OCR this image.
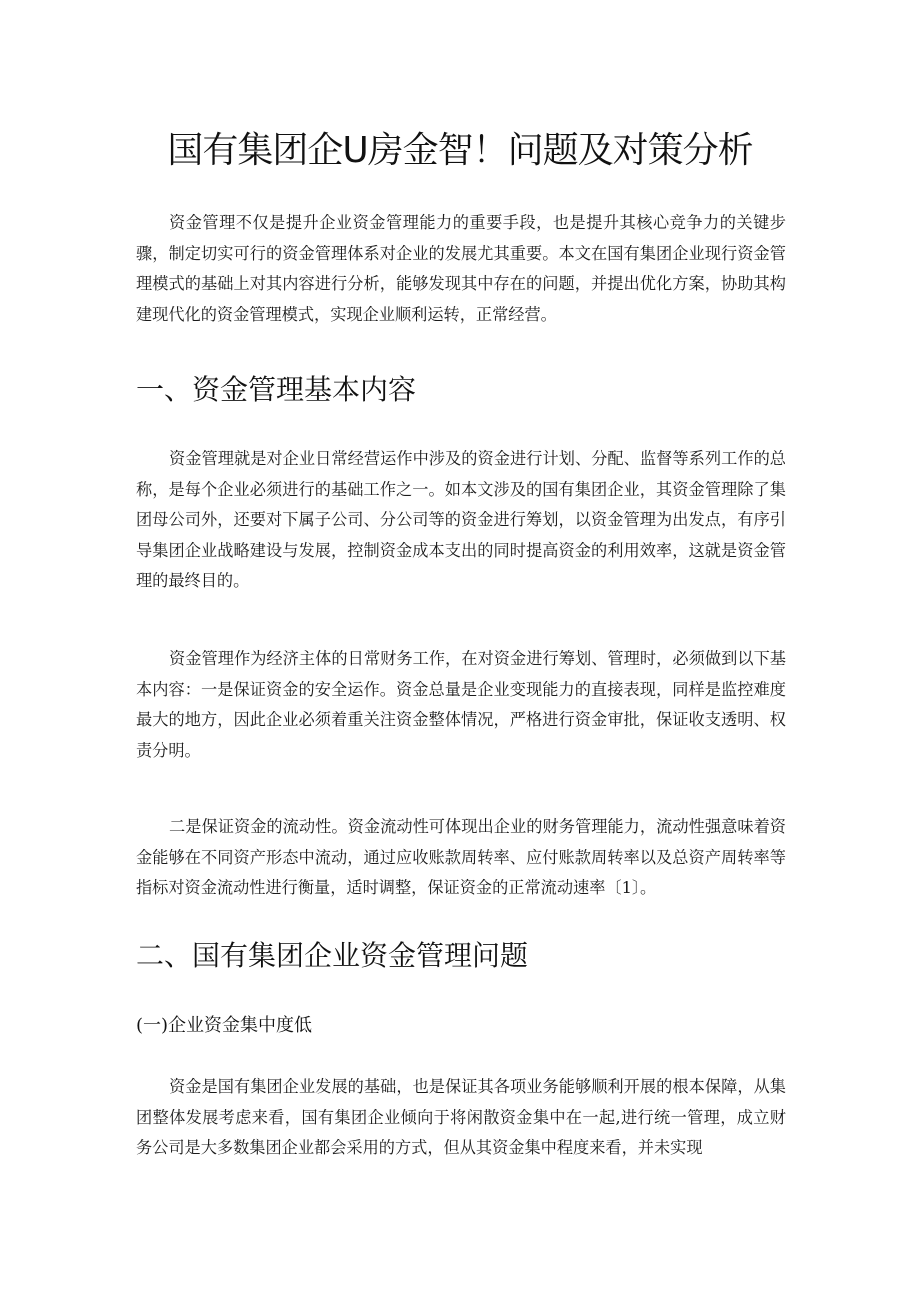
国有集团企U房金智！问题及对策分析

资金管理不仅是提升企业资金管理能力的重要手段，也是提升其核心竞争力的关键步骤，制定切实可行的资金管理体系对企业的发展尤其重要。本文在国有集团企业现行资金管理模式的基础上对其内容进行分析，能够发现其中存在的问题，并提出优化方案，协助其构建现代化的资金管理模式，实现企业顺利运转，正常经营。

一、资金管理基本内容

资金管理就是对企业日常经营运作中涉及的资金进行计划、分配、监督等系列工作的总称，是每个企业必须进行的基础工作之一。如本文涉及的国有集团企业，其资金管理除了集团母公司外，还要对下属子公司、分公司等的资金进行筹划，以资金管理为出发点，有序引导集团企业战略建设与发展，控制资金成本支出的同时提高资金的利用效率，这就是资金管理的最终目的。

资金管理作为经济主体的日常财务工作，在对资金进行筹划、管理时，必须做到以下基本内容：一是保证资金的安全运作。资金总量是企业变现能力的直接表现，同样是监控难度最大的地方，因此企业必须着重关注资金整体情况，严格进行资金审批，保证收支透明、权责分明。

二是保证资金的流动性。资金流动性可体现出企业的财务管理能力，流动性强意味着资金能够在不同资产形态中流动，通过应收账款周转率、应付账款周转率以及总资产周转率等指标对资金流动性进行衡量，适时调整，保证资金的正常流动速率〔1〕。

二、国有集团企业资金管理问题
(一)企业资金集中度低

资金是国有集团企业发展的基础，也是保证其各项业务能够顺利开展的根本保障，从集团整体发展考虑来看，国有集团企业倾向于将闲散资金集中在一起,进行统一管理，成立财务公司是大多数集团企业都会采用的方式，但从其资金集中程度来看，并未实现
